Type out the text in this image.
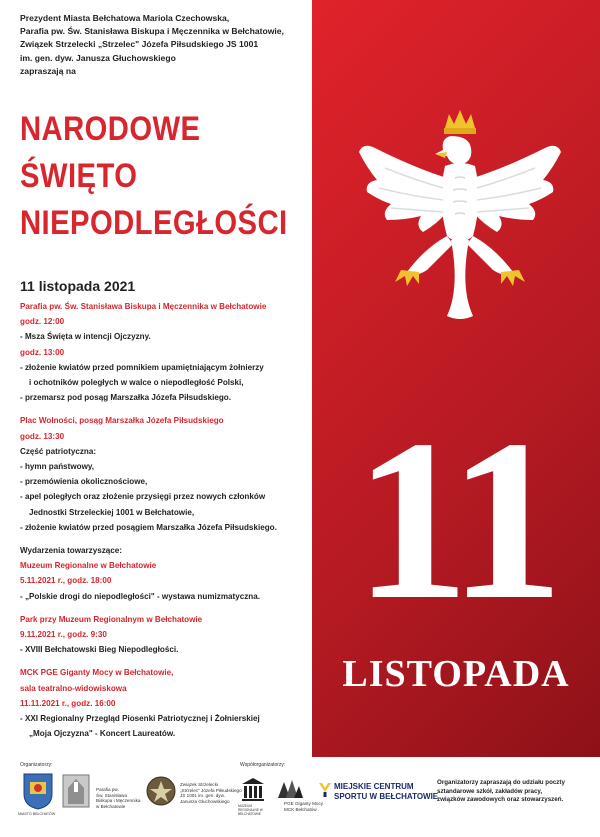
Prezydent Miasta Bełchatowa Mariola Czechowska,
Parafia pw. Św. Stanisława Biskupa i Męczennika w Bełchatowie,
Związek Strzelecki „Strzelec" Józefa Piłsudskiego JS 1001
im. gen. dyw. Janusza Głuchowskiego
zapraszają na
NARODOWE
ŚWIĘTO
NIEPODLEGŁOŚCI
11 listopada 2021
Parafia pw. Św. Stanisława Biskupa i Męczennika w Bełchatowie
godz. 12:00
- Msza Święta w intencji Ojczyzny.
godz. 13:00
- złożenie kwiatów przed pomnikiem upamiętniającym żołnierzy
i ochotników poległych w walce o niepodległość Polski,
- przemarsz pod posąg Marszałka Józefa Piłsudskiego.
Plac Wolności, posąg Marszałka Józefa Piłsudskiego
godz. 13:30
Część patriotyczna:
- hymn państwowy,
- przemówienia okolicznościowe,
- apel poległych oraz złożenie przysięgi przez nowych członków
Jednostki Strzeleckiej 1001 w Bełchatowie,
- złożenie kwiatów przed posągiem Marszałka Józefa Piłsudskiego.
Wydarzenia towarzyszące:
Muzeum Regionalne w Bełchatowie
5.11.2021 r., godz. 18:00
- „Polskie drogi do niepodległości" - wystawa numizmatyczna.
Park przy Muzeum Regionalnym w Bełchatowie
9.11.2021 r., godz. 9:30
- XVIII Bełchatowski Bieg Niepodległości.
MCK PGE Giganty Mocy w Bełchatowie,
sala teatralno-widowiskowa
11.11.2021 r., godz. 16:00
- XXI Regionalny Przegląd Piosenki Patriotycznej i Żołnierskiej
„Moja Ojczyzna" - Koncert Laureatów.
11
LISTOPADA
Organizatorzy:	Współorganizatorzy:
MIASTO BEŁCHATÓW
Parafia pw.
Św. Stanisława
Biskupa i Męczennika
w Bełchatowie
Związek Strzelecki
„Strzelec" Józefa Piłsudskiego
JS 1001 im. gen. dyw.
Janusza Głuchowskiego
MUZEUM REGIONALNE W BEŁCHATOWIE
PGE Giganty Mocy
MCK Bełchatów
MIEJSKIE CENTRUM
SPORTU W BEŁCHATOWIE
Organizatorzy zapraszają do udziału poczty
sztandarowe szkół, zakładów pracy,
związków zawodowych oraz stowarzyszeń.
